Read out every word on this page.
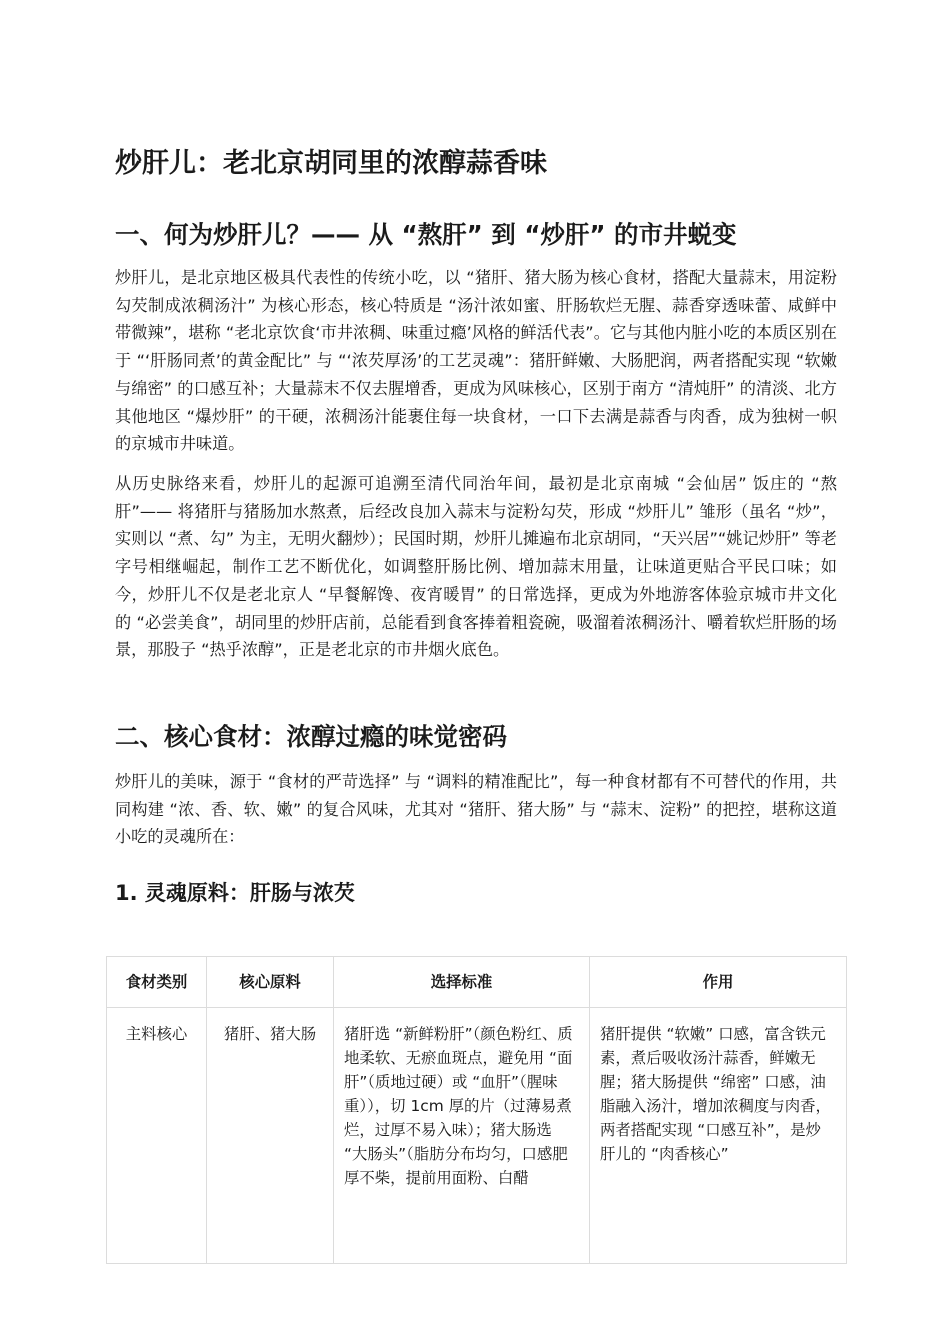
炒肝儿：老北京胡同里的浓醇蒜香味
一、何为炒肝儿？—— 从 “熬肝” 到 “炒肝” 的市井蜕变

炒肝儿，是北京地区极具代表性的传统小吃，以 “猪肝、猪大肠为核心食材，搭配大量蒜末，用淀粉勾芡制成浓稠汤汁” 为核心形态，核心特质是 “汤汁浓如蜜、肝肠软烂无腥、蒜香穿透味蕾、咸鲜中带微辣”，堪称 “老北京饮食‘市井浓稠、味重过瘾’风格的鲜活代表”。它与其他内脏小吃的本质区别在于 “‘肝肠同煮’的黄金配比” 与 “‘浓芡厚汤’的工艺灵魂”：猪肝鲜嫩、大肠肥润，两者搭配实现 “软嫩与绵密” 的口感互补；大量蒜末不仅去腥增香，更成为风味核心，区别于南方 “清炖肝” 的清淡、北方其他地区 “爆炒肝” 的干硬，浓稠汤汁能裹住每一块食材，一口下去满是蒜香与肉香，成为独树一帜的京城市井味道。

从历史脉络来看，炒肝儿的起源可追溯至清代同治年间，最初是北京南城 “会仙居” 饭庄的 “熬肝”—— 将猪肝与猪肠加水熬煮，后经改良加入蒜末与淀粉勾芡，形成 “炒肝儿” 雏形（虽名 “炒”，实则以 “煮、勾” 为主，无明火翻炒）；民国时期，炒肝儿摊遍布北京胡同，“天兴居”“姚记炒肝” 等老字号相继崛起，制作工艺不断优化，如调整肝肠比例、增加蒜末用量，让味道更贴合平民口味；如今，炒肝儿不仅是老北京人 “早餐解馋、夜宵暖胃” 的日常选择，更成为外地游客体验京城市井文化的 “必尝美食”，胡同里的炒肝店前，总能看到食客捧着粗瓷碗，吸溜着浓稠汤汁、嚼着软烂肝肠的场景，那股子 “热乎浓醇”，正是老北京的市井烟火底色。

二、核心食材：浓醇过瘾的味觉密码

炒肝儿的美味，源于 “食材的严苛选择” 与 “调料的精准配比”，每一种食材都有不可替代的作用，共同构建 “浓、香、软、嫩” 的复合风味，尤其对 “猪肝、猪大肠” 与 “蒜末、淀粉” 的把控，堪称这道小吃的灵魂所在：

1. 灵魂原料：肝肠与浓芡
食材类别	核心原料	选择标准	作用

主料核心	猪肝、猪大肠	猪肝选 “新鲜粉肝”（颜色粉红、质地柔软、无瘀血斑点，避免用 “面肝”（质地过硬）或 “血肝”（腥味重）），切 1cm 厚的片（过薄易煮烂，过厚不易入味）；猪大肠选 “大肠头”（脂肪分布均匀，口感肥厚不柴，提前用面粉、白醋	猪肝提供 “软嫩” 口感，富含铁元素，煮后吸收汤汁蒜香，鲜嫩无腥；猪大肠提供 “绵密” 口感，油脂融入汤汁，增加浓稠度与肉香，两者搭配实现 “口感互补”，是炒肝儿的 “肉香核心”
